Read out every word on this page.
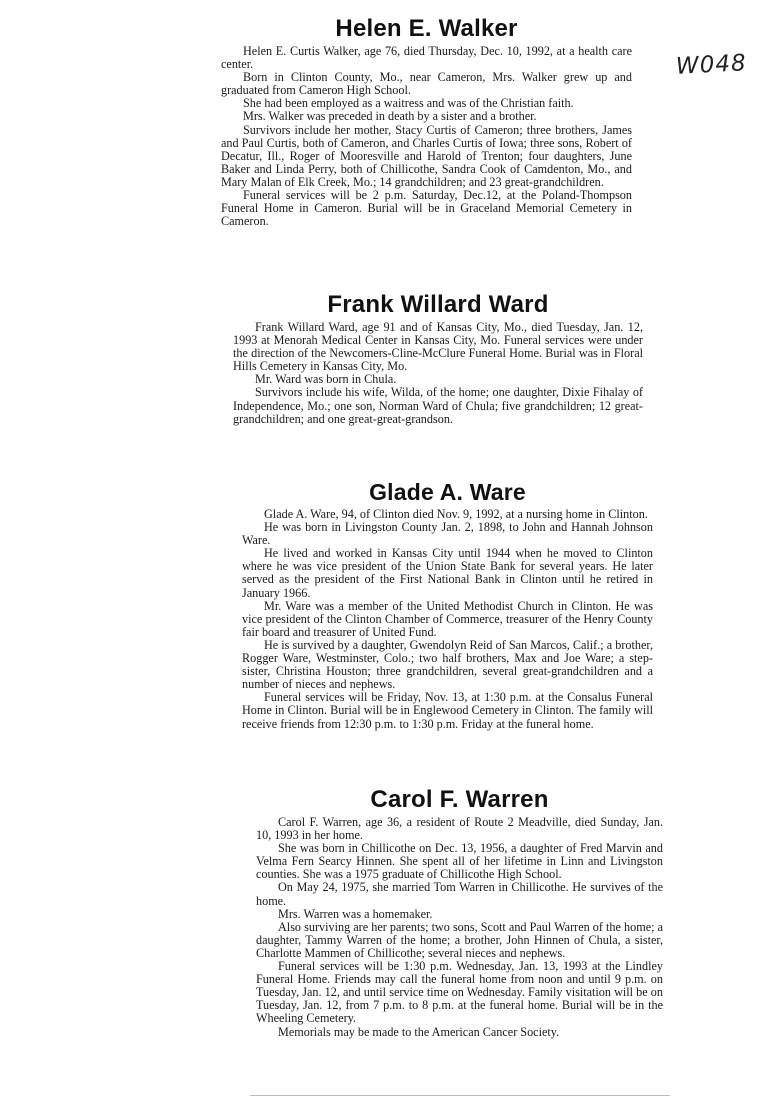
W048
Helen E. Walker

Helen E. Curtis Walker, age 76, died Thursday, Dec. 10, 1992, at a health care center.

Born in Clinton County, Mo., near Cameron, Mrs. Walker grew up and graduated from Cameron High School.

She had been employed as a waitress and was of the Christian faith.

Mrs. Walker was preceded in death by a sister and a brother.

Survivors include her mother, Stacy Curtis of Cameron; three brothers, James and Paul Curtis, both of Cameron, and Charles Curtis of Iowa; three sons, Robert of Decatur, Ill., Roger of Mooresville and Harold of Trenton; four daughters, June Baker and Linda Perry, both of Chillicothe, Sandra Cook of Camdenton, Mo., and Mary Malan of Elk Creek, Mo.; 14 grandchildren; and 23 great-grandchildren.

Funeral services will be 2 p.m. Saturday, Dec.12, at the Poland-Thompson Funeral Home in Cameron. Burial will be in Graceland Memorial Cemetery in Cameron.

Frank Willard Ward

Frank Willard Ward, age 91 and of Kansas City, Mo., died Tuesday, Jan. 12, 1993 at Menorah Medical Center in Kansas City, Mo. Funeral services were under the direction of the Newcomers-Cline-McClure Funeral Home. Burial was in Floral Hills Cemetery in Kansas City, Mo.

Mr. Ward was born in Chula.

Survivors include his wife, Wilda, of the home; one daughter, Dixie Fihalay of Independence, Mo.; one son, Norman Ward of Chula; five grandchildren; 12 great-grandchildren; and one great-great-grandson.

Glade A. Ware

Glade A. Ware, 94, of Clinton died Nov. 9, 1992, at a nursing home in Clinton.

He was born in Livingston County Jan. 2, 1898, to John and Hannah Johnson Ware.

He lived and worked in Kansas City until 1944 when he moved to Clinton where he was vice president of the Union State Bank for several years. He later served as the president of the First National Bank in Clinton until he retired in January 1966.

Mr. Ware was a member of the United Methodist Church in Clinton. He was vice president of the Clinton Chamber of Commerce, treasurer of the Henry County fair board and treasurer of United Fund.

He is survived by a daughter, Gwendolyn Reid of San Marcos, Calif.; a brother, Rogger Ware, Westminster, Colo.; two half brothers, Max and Joe Ware; a step-sister, Christina Houston; three grandchildren, several great-grandchildren and a number of nieces and nephews.

Funeral services will be Friday, Nov. 13, at 1:30 p.m. at the Consalus Funeral Home in Clinton. Burial will be in Englewood Cemetery in Clinton. The family will receive friends from 12:30 p.m. to 1:30 p.m. Friday at the funeral home.

Carol F. Warren

Carol F. Warren, age 36, a resident of Route 2 Meadville, died Sunday, Jan. 10, 1993 in her home.

She was born in Chillicothe on Dec. 13, 1956, a daughter of Fred Marvin and Velma Fern Searcy Hinnen. She spent all of her lifetime in Linn and Livingston counties. She was a 1975 graduate of Chillicothe High School.

On May 24, 1975, she married Tom Warren in Chillicothe. He survives of the home.

Mrs. Warren was a homemaker.

Also surviving are her parents; two sons, Scott and Paul Warren of the home; a daughter, Tammy Warren of the home; a brother, John Hinnen of Chula, a sister, Charlotte Mammen of Chillicothe; several nieces and nephews.

Funeral services will be 1:30 p.m. Wednesday, Jan. 13, 1993 at the Lindley Funeral Home. Friends may call the funeral home from noon and until 9 p.m. on Tuesday, Jan. 12, and until service time on Wednesday. Family visitation will be on Tuesday, Jan. 12, from 7 p.m. to 8 p.m. at the funeral home. Burial will be in the Wheeling Cemetery.

Memorials may be made to the American Cancer Society.
